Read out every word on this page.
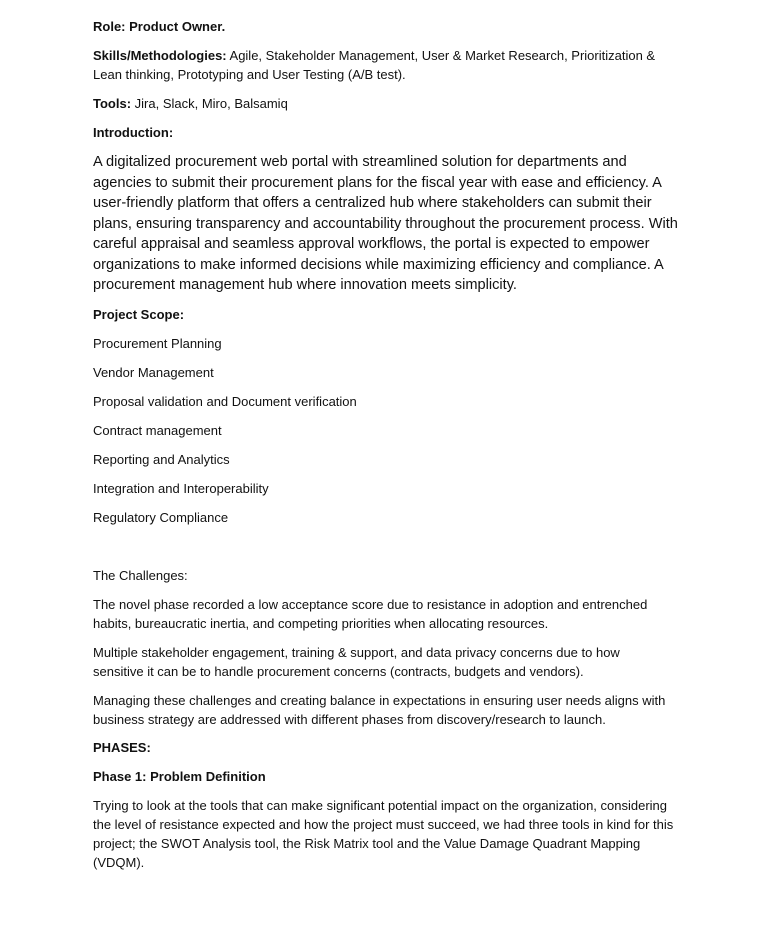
Role: Product Owner.

Skills/Methodologies: Agile, Stakeholder Management, User & Market Research, Prioritization & Lean thinking, Prototyping and User Testing (A/B test).

Tools: Jira, Slack, Miro, Balsamiq

Introduction:

A digitalized procurement web portal with streamlined solution for departments and agencies to submit their procurement plans for the fiscal year with ease and efficiency. A user-friendly platform that offers a centralized hub where stakeholders can submit their plans, ensuring transparency and accountability throughout the procurement process. With careful appraisal and seamless approval workflows, the portal is expected to empower organizations to make informed decisions while maximizing efficiency and compliance. A procurement management hub where innovation meets simplicity.

Project Scope:

Procurement Planning

Vendor Management

Proposal validation and Document verification

Contract management

Reporting and Analytics

Integration and Interoperability

Regulatory Compliance

The Challenges:

The novel phase recorded a low acceptance score due to resistance in adoption and entrenched habits, bureaucratic inertia, and competing priorities when allocating resources.

Multiple stakeholder engagement, training & support, and data privacy concerns due to how sensitive it can be to handle procurement concerns (contracts, budgets and vendors).

Managing these challenges and creating balance in expectations in ensuring user needs aligns with business strategy are addressed with different phases from discovery/research to launch.

PHASES:

Phase 1: Problem Definition

Trying to look at the tools that can make significant potential impact on the organization, considering the level of resistance expected and how the project must succeed, we had three tools in kind for this project; the SWOT Analysis tool, the Risk Matrix tool and the Value Damage Quadrant Mapping (VDQM).
